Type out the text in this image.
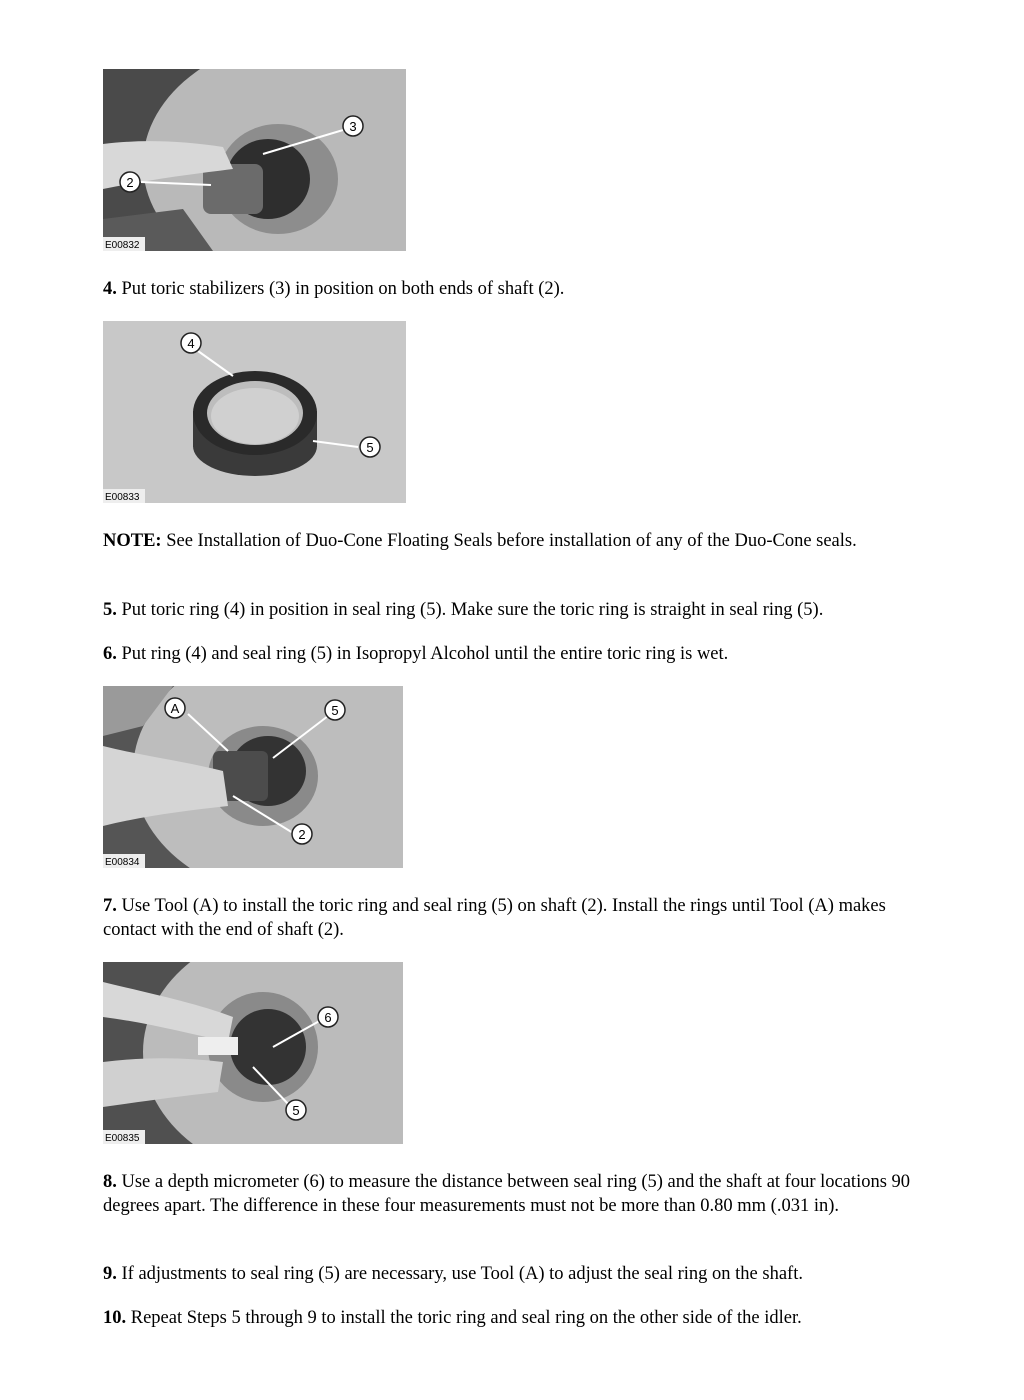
3
2
E00832

4. Put toric stabilizers (3) in position on both ends of shaft (2).

4
5
E00833

NOTE: See Installation of Duo-Cone Floating Seals before installation of any of the Duo-Cone seals.

5. Put toric ring (4) in position in seal ring (5). Make sure the toric ring is straight in seal ring (5).

6. Put ring (4) and seal ring (5) in Isopropyl Alcohol until the entire toric ring is wet.

A	5
2
E00834

7. Use Tool (A) to install the toric ring and seal ring (5) on shaft (2). Install the rings until Tool (A) makes contact with the end of shaft (2).

6
5
E00835

8. Use a depth micrometer (6) to measure the distance between seal ring (5) and the shaft at four locations 90 degrees apart. The difference in these four measurements must not be more than 0.80 mm (.031 in).

9. If adjustments to seal ring (5) are necessary, use Tool (A) to adjust the seal ring on the shaft.

10. Repeat Steps 5 through 9 to install the toric ring and seal ring on the other side of the idler.
